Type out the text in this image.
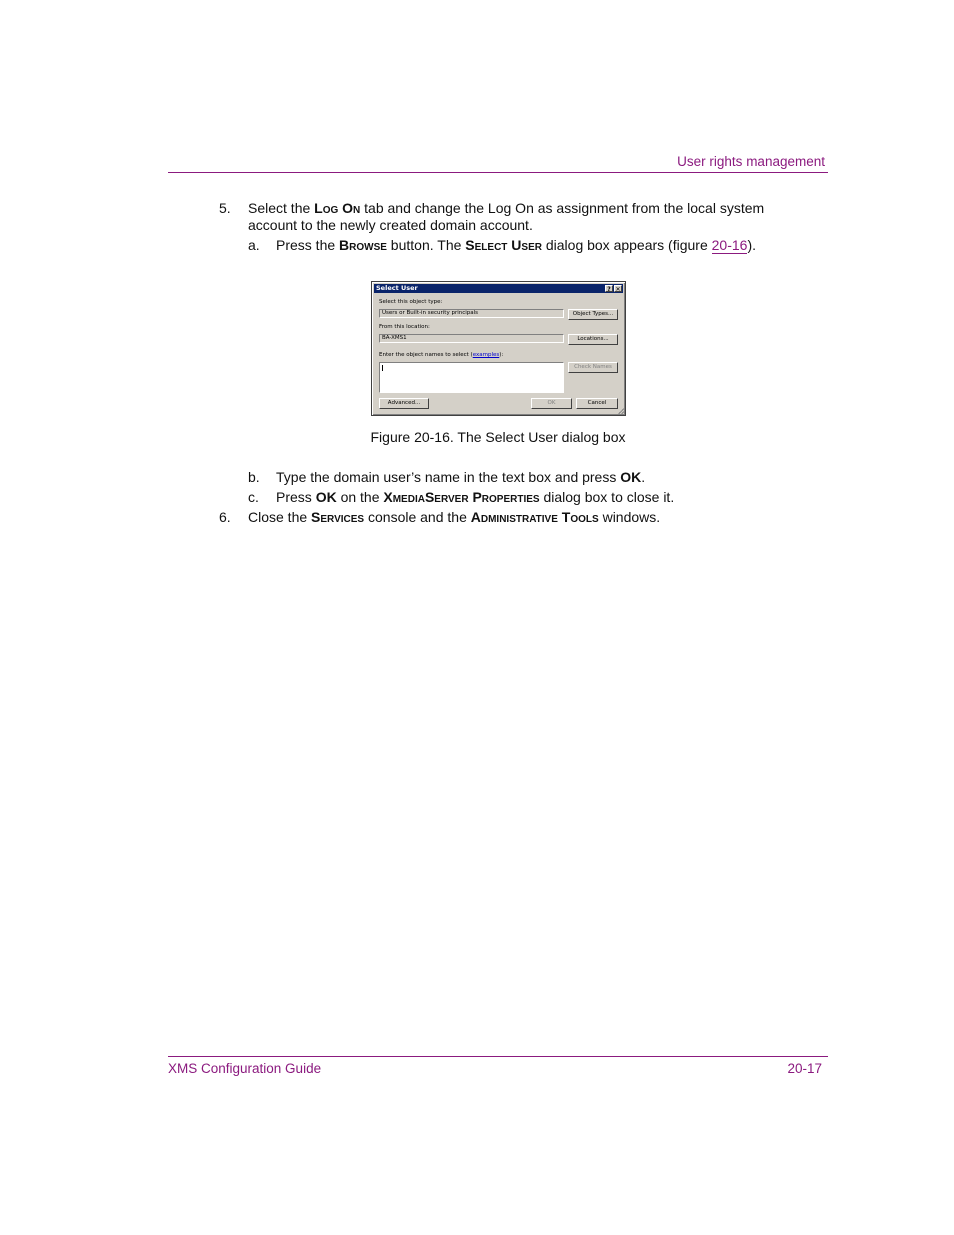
User rights management
5. Select the Log On tab and change the Log On as assignment from the local system
account to the newly created domain account.
a. Press the Browse button. The Select User dialog box appears (figure 20-16).
Select User	? ✕
Select this object type:
Users or Built-in security principals	Object Types...
From this location:
BA-XMS1	Locations...
Enter the object names to select (examples):
Check Names
Advanced...	OK	Cancel
Figure 20-16. The Select User dialog box
b. Type the domain user’s name in the text box and press OK.
c. Press OK on the XmediaServer Properties dialog box to close it.
6. Close the Services console and the Administrative Tools windows.
XMS Configuration Guide	20-17
